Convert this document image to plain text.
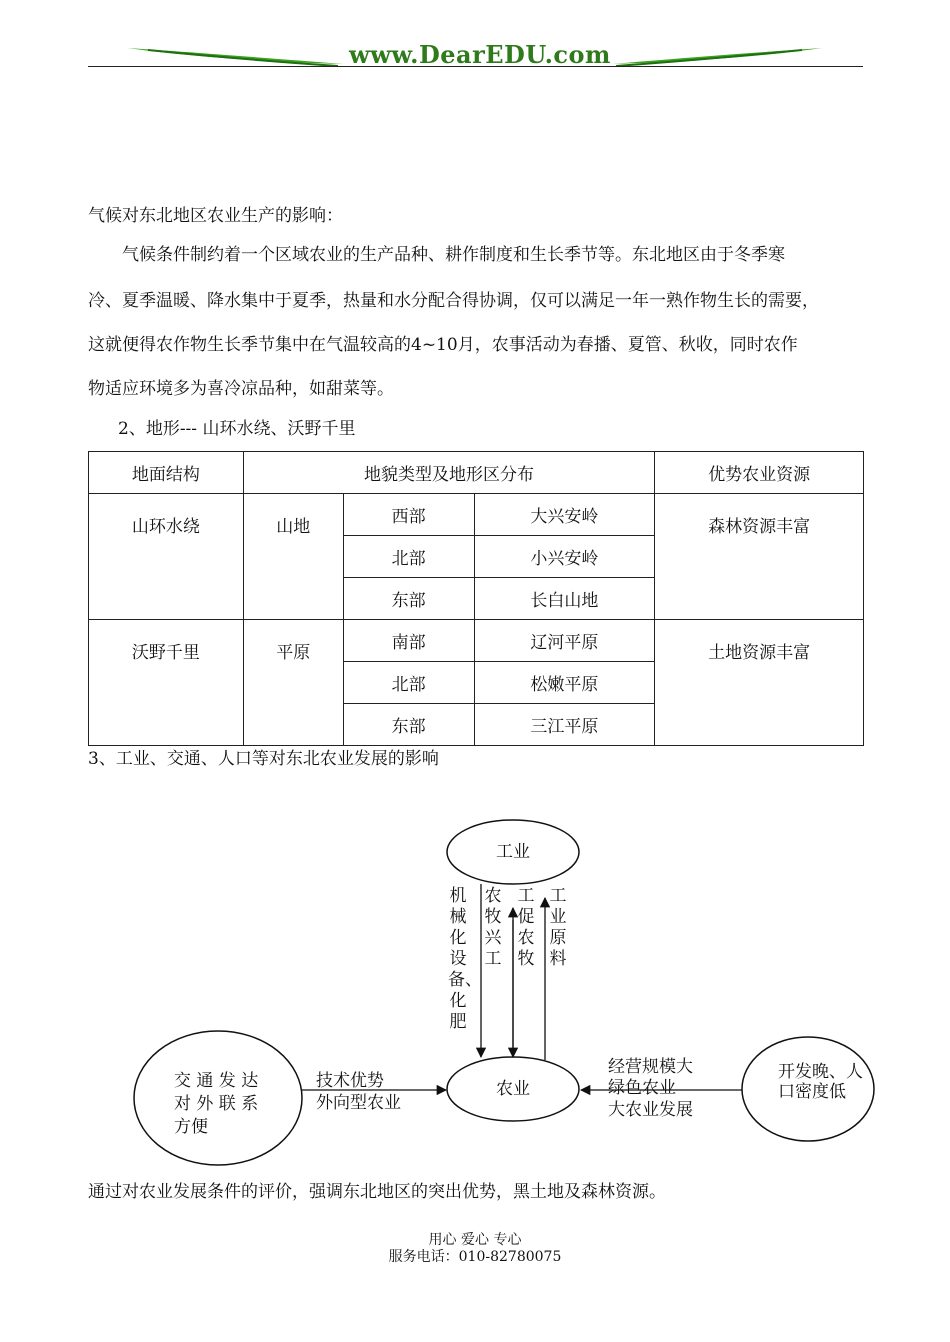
www.DearEDU.com
气候对东北地区农业生产的影响：
气候条件制约着一个区域农业的生产品种、耕作制度和生长季节等。东北地区由于冬季寒
冷、夏季温暖、降水集中于夏季，热量和水分配合得协调，仅可以满足一年一熟作物生长的需要，
这就便得农作物生长季节集中在气温较高的4~10月，农事活动为春播、夏管、秋收，同时农作
物适应环境多为喜冷凉品种，如甜菜等。
2、地形--- 山环水绕、沃野千里
地面结构	地貌类型及地形区分布			优势农业资源
山环水绕	山地	西部	大兴安岭	森林资源丰富
		北部	小兴安岭	
		东部	长白山地	
沃野千里	平原	南部	辽河平原	土地资源丰富
		北部	松嫩平原	
		东部	三江平原	
3、工业、交通、人口等对东北农业发展的影响
工业
农业
交 通 发 达
对 外 联 系
方便
开发晚、人
口密度低
机械化设备、化肥
农牧兴工
工促农牧
工业原料
技术优势
外向型农业
经营规模大
绿色农业
大农业发展
通过对农业发展条件的评价，强调东北地区的突出优势，黑土地及森林资源。
用心 爱心 专心
服务电话：010-82780075
